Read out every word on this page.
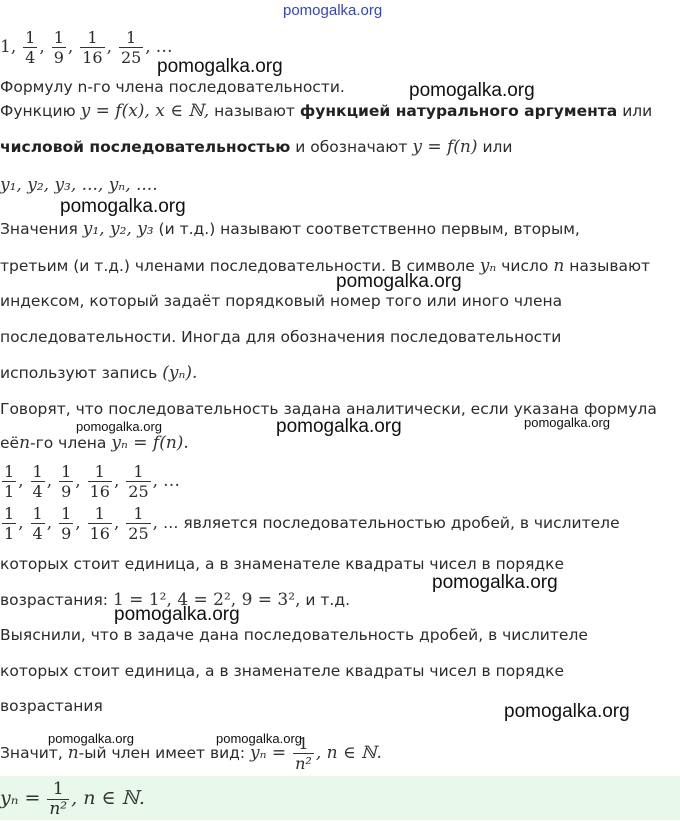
pomogalka.org
1, $\frac{1}{4}$ , $\frac{1}{9}$ , $\frac{1}{16}$ , $\frac{1}{25}$ , …
pomogalka.org
Формулу n-го члена последовательности.	pomogalka.org
Функцию y = f(x), x ∈ ℕ, называют функцией натурального аргумента или
числовой последовательностью и обозначают y = f(n) или
y₁, y₂, y₃, ..., yₙ, ....
pomogalka.org
Значения y₁, y₂, y₃ (и т.д.) называют соответственно первым, вторым,
третьим (и т.д.) членами последовательности. В символе yₙ число n называют
pomogalka.org
индексом, который задаёт порядковый номер того или иного члена
последовательности. Иногда для обозначения последовательности
используют запись (yₙ).
Говорят, что последовательность задана аналитически, если указана формула
pomogalka.org	pomogalka.org
pomogalka.org
еёn-го члена yₙ = f(n).
$\frac{1}{1}$ , $\frac{1}{4}$ , $\frac{1}{9}$ , $\frac{1}{16}$ , $\frac{1}{25}$ , …
$\frac{1}{1}$ , $\frac{1}{4}$ , $\frac{1}{9}$ , $\frac{1}{16}$ , $\frac{1}{25}$ , … является последовательностью дробей, в числителе
которых стоит единица, а в знаменателе квадраты чисел в порядке
pomogalka.org
возрастания: 1 = 1², 4 = 2², 9 = 3², и т.д.
pomogalka.org
Выяснили, что в задаче дана последовательность дробей, в числителе
которых стоит единица, а в знаменателе квадраты чисел в порядке
возрастания	pomogalka.org
pomogalka.org	pomogalka.org
Значит, n-ый член имеет вид: $y_n = \frac{1}{\text{n²}}$ , n ∈ ℕ.
$y_n = \frac{1}{\text{n²}}$ , n ∈ ℕ.
